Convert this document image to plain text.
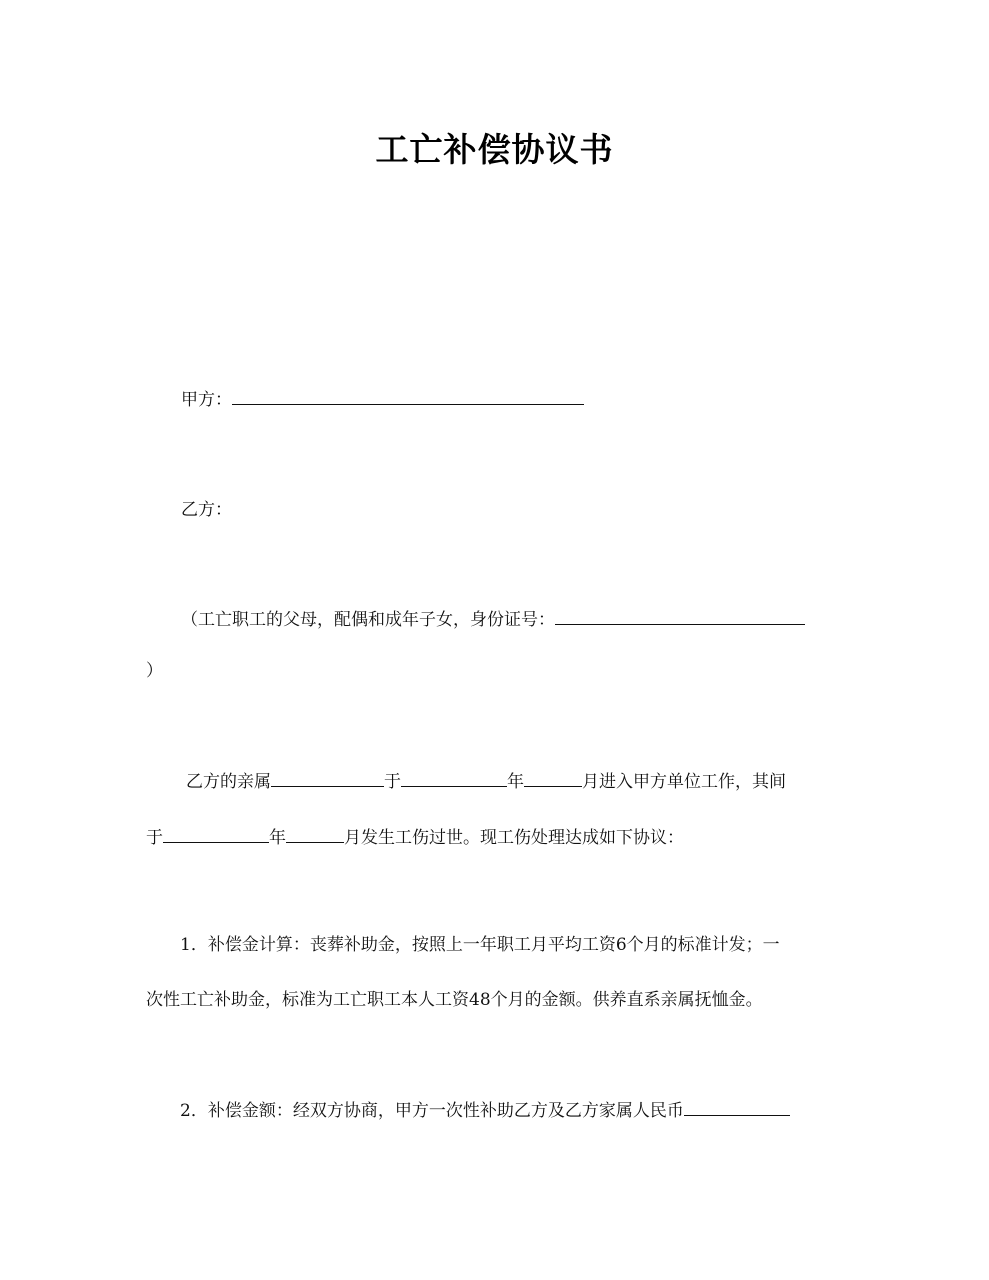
工亡补偿协议书
甲方：
乙方：
（工亡职工的父母，配偶和成年子女，身份证号：
）
乙方的亲属	于	年	月进入甲方单位工作，其间
于	年	月发生工伤过世。现工伤处理达成如下协议：
1．补偿金计算：丧葬补助金，按照上一年职工月平均工资6个月的标准计发；一
次性工亡补助金，标准为工亡职工本人工资48个月的金额。供养直系亲属抚恤金。
2．补偿金额：经双方协商，甲方一次性补助乙方及乙方家属人民币
